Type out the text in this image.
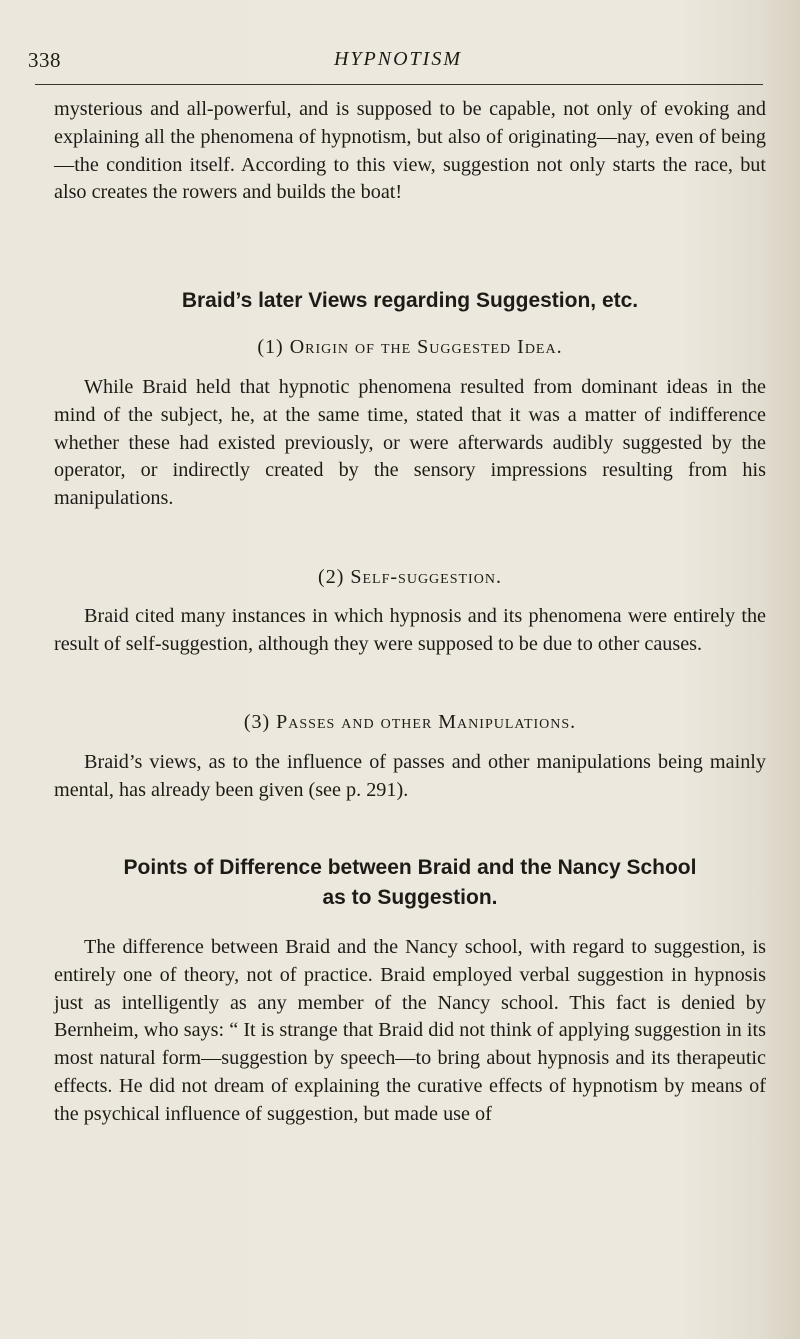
338	HYPNOTISM

mysterious and all-powerful, and is supposed to be capable, not only of evoking and explaining all the phenomena of hypnotism, but also of originating—nay, even of being—the condition itself. According to this view, suggestion not only starts the race, but also creates the rowers and builds the boat!

Braid’s later Views regarding Suggestion, etc.

(1) Origin of the Suggested Idea.

While Braid held that hypnotic phenomena resulted from dominant ideas in the mind of the subject, he, at the same time, stated that it was a matter of indifference whether these had existed previously, or were afterwards audibly suggested by the operator, or indirectly created by the sensory impressions resulting from his manipulations.

(2) Self-suggestion.

Braid cited many instances in which hypnosis and its phenomena were entirely the result of self-suggestion, although they were supposed to be due to other causes.

(3) Passes and other Manipulations.

Braid’s views, as to the influence of passes and other manipulations being mainly mental, has already been given (see p. 291).

Points of Difference between Braid and the Nancy School
as to Suggestion.

The difference between Braid and the Nancy school, with regard to suggestion, is entirely one of theory, not of practice. Braid employed verbal suggestion in hypnosis just as intelligently as any member of the Nancy school. This fact is denied by Bernheim, who says: “ It is strange that Braid did not think of applying suggestion in its most natural form—suggestion by speech—to bring about hypnosis and its therapeutic effects. He did not dream of explaining the curative effects of hypnotism by means of the psychical influence of suggestion, but made use of
